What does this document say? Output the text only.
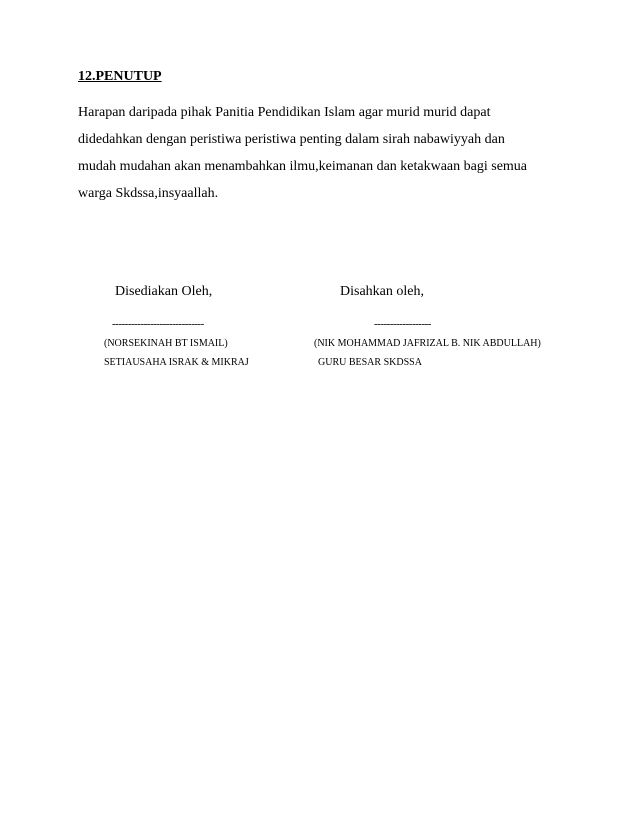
12.PENUTUP

Harapan daripada pihak Panitia Pendidikan Islam agar murid murid dapat
didedahkan dengan peristiwa peristiwa penting dalam sirah nabawiyyah dan
mudah mudahan akan menambahkan ilmu,keimanan dan ketakwaan bagi semua
warga Skdssa,insyaallah.

Disediakan Oleh,
-----------------------------
(NORSEKINAH BT ISMAIL)
SETIAUSAHA ISRAK & MIKRAJ
Disahkan oleh,
------------------
(NIK MOHAMMAD JAFRIZAL B. NIK ABDULLAH)
GURU BESAR SKDSSA
